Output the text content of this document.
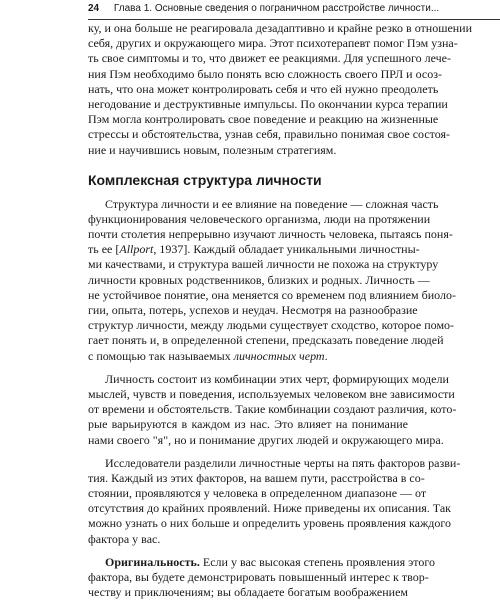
24 Глава 1. Основные сведения о пограничном расстройстве личности...
ку, и она больше не реагировала дезадаптивно и крайне резко в отношении
себя, других и окружающего мира. Этот психотерапевт помог Пэм узна-
ть свое симптомы и то, что движет ее реакциями. Для успешного лече-
ния Пэм необходимо было понять всю сложность своего ПРЛ и осоз-
нать, что она может контролировать себя и что ей нужно преодолеть
негодование и деструктивные импульсы. По окончании курса терапии
Пэм могла контролировать свое поведение и реакцию на жизненные
стрессы и обстоятельства, узнав себя, правильно понимая свое состоя-
ние и научившись новым, полезным стратегиям.
Комплексная структура личности
Структура личности и ее влияние на поведение — сложная часть
функционирования человеческого организма, люди на протяжении
почти столетия непрерывно изучают личность человека, пытаясь поня-
ть ее [Allport, 1937]. Каждый обладает уникальными личностны-
ми качествами, и структура вашей личности не похожа на структуру
личности кровных родственников, близких и родных. Личность —
не устойчивое понятие, она меняется со временем под влиянием биоло-
гии, опыта, потерь, успехов и неудач. Несмотря на разнообразие
структур личности, между людьми существует сходство, которое помо-
гает понять и, в определенной степени, предсказать поведение людей
с помощью так называемых личностных черт.
Личность состоит из комбинации этих черт, формирующих модели
мыслей, чувств и поведения, используемых человеком вне зависимости
от времени и обстоятельств. Такие комбинации создают различия, кото-
рые варьируются в каждом из нас. Это влияет на понимание
нами своего "я", но и понимание других людей и окружающего мира.
Исследователи разделили личностные черты на пять факторов разви-
тия. Каждый из этих факторов, на вашем пути, расстройства в со-
стоянии, проявляются у человека в определенном диапазоне — от
отсутствия до крайних проявлений. Ниже приведены их описания. Так
можно узнать о них больше и определить уровень проявления каждого
фактора у вас.
Оригинальность. Если у вас высокая степень проявления этого
фактора, вы будете демонстрировать повышенный интерес к твор-
честву и приключениям; вы обладаете богатым воображением
